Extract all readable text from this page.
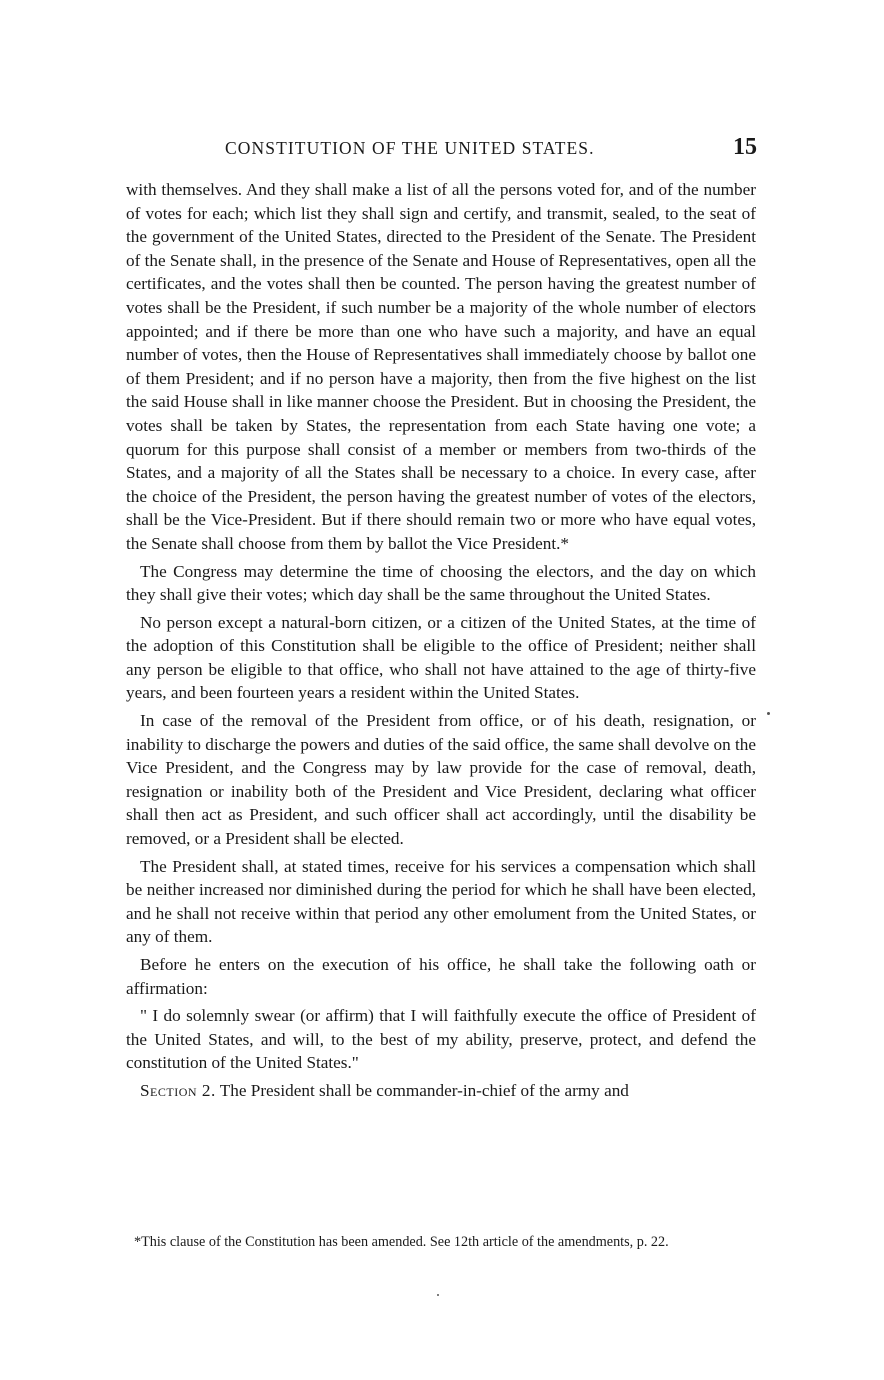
CONSTITUTION OF THE UNITED STATES.	15

with themselves. And they shall make a list of all the persons voted for, and of the number of votes for each; which list they shall sign and certify, and transmit, sealed, to the seat of the government of the United States, directed to the President of the Senate. The President of the Senate shall, in the presence of the Senate and House of Representatives, open all the certificates, and the votes shall then be counted. The person having the greatest number of votes shall be the President, if such number be a majority of the whole number of electors appointed; and if there be more than one who have such a majority, and have an equal number of votes, then the House of Representatives shall immediately choose by ballot one of them President; and if no person have a majority, then from the five highest on the list the said House shall in like manner choose the President. But in choosing the President, the votes shall be taken by States, the representation from each State having one vote; a quorum for this purpose shall consist of a member or members from two-thirds of the States, and a majority of all the States shall be necessary to a choice. In every case, after the choice of the President, the person having the greatest number of votes of the electors, shall be the Vice-President. But if there should remain two or more who have equal votes, the Senate shall choose from them by ballot the Vice President.*

The Congress may determine the time of choosing the electors, and the day on which they shall give their votes; which day shall be the same throughout the United States.

No person except a natural-born citizen, or a citizen of the United States, at the time of the adoption of this Constitution shall be eligible to the office of President; neither shall any person be eligible to that office, who shall not have attained to the age of thirty-five years, and been fourteen years a resident within the United States.

In case of the removal of the President from office, or of his death, resignation, or inability to discharge the powers and duties of the said office, the same shall devolve on the Vice President, and the Congress may by law provide for the case of removal, death, resignation or inability both of the President and Vice President, declaring what officer shall then act as President, and such officer shall act accordingly, until the disability be removed, or a President shall be elected.

The President shall, at stated times, receive for his services a compensation which shall be neither increased nor diminished during the period for which he shall have been elected, and he shall not receive within that period any other emolument from the United States, or any of them.

Before he enters on the execution of his office, he shall take the following oath or affirmation:

" I do solemnly swear (or affirm) that I will faithfully execute the office of President of the United States, and will, to the best of my ability, preserve, protect, and defend the constitution of the United States."

Section 2. The President shall be commander-in-chief of the army and

*This clause of the Constitution has been amended. See 12th article of the amendments, p. 22.
